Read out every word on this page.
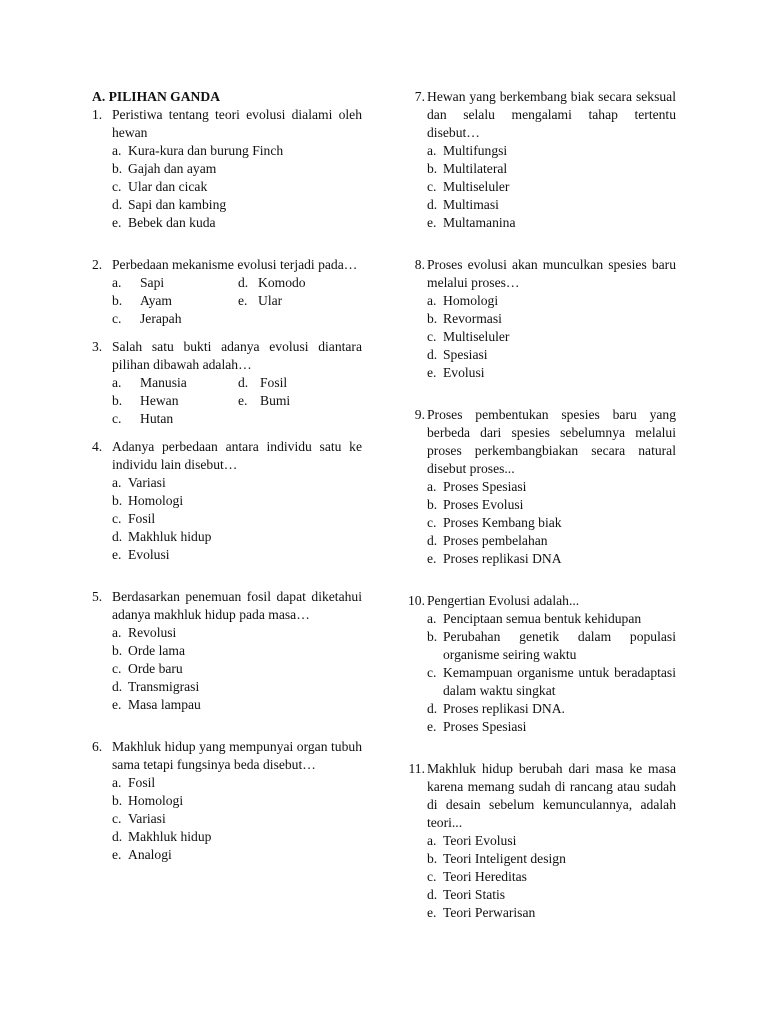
A. PILIHAN GANDA
1. Peristiwa tentang teori evolusi dialami oleh hewan
a. Kura-kura dan burung Finch
b. Gajah dan ayam
c. Ular dan cicak
d. Sapi dan kambing
e. Bebek dan kuda
2. Perbedaan mekanisme evolusi terjadi pada…
a.	Sapi	d. Komodo
b.	Ayam	e. Ular
c.	Jerapah
3. Salah satu bukti adanya evolusi diantara pilihan dibawah adalah…
a.	Manusia	d. Fosil
b.	Hewan	e. Bumi
c.	Hutan
4. Adanya perbedaan antara individu satu ke individu lain disebut…
a. Variasi
b. Homologi
c. Fosil
d. Makhluk hidup
e. Evolusi
5. Berdasarkan penemuan fosil dapat diketahui adanya makhluk hidup pada masa…
a. Revolusi
b. Orde lama
c. Orde baru
d. Transmigrasi
e. Masa lampau
6. Makhluk hidup yang mempunyai organ tubuh sama tetapi fungsinya beda disebut…
a. Fosil
b. Homologi
c. Variasi
d. Makhluk hidup
e. Analogi
7. Hewan yang berkembang biak secara seksual dan selalu mengalami tahap tertentu disebut…
a. Multifungsi
b. Multilateral
c. Multiseluler
d. Multimasi
e. Multamanina
8. Proses evolusi akan munculkan spesies baru melalui proses…
a. Homologi
b. Revormasi
c. Multiseluler
d. Spesiasi
e. Evolusi
9. Proses pembentukan spesies baru yang berbeda dari spesies sebelumnya melalui proses perkembangbiakan secara natural disebut proses...
a. Proses Spesiasi
b. Proses Evolusi
c. Proses Kembang biak
d. Proses pembelahan
e. Proses replikasi DNA
10. Pengertian Evolusi adalah...
a. Penciptaan semua bentuk kehidupan
b. Perubahan genetik dalam populasi organisme seiring waktu
c. Kemampuan organisme untuk beradaptasi dalam waktu singkat
d. Proses replikasi DNA.
e. Proses Spesiasi
11. Makhluk hidup berubah dari masa ke masa karena memang sudah di rancang atau sudah di desain sebelum kemunculannya, adalah teori...
a. Teori Evolusi
b. Teori Inteligent design
c. Teori Hereditas
d. Teori Statis
e. Teori Perwarisan
